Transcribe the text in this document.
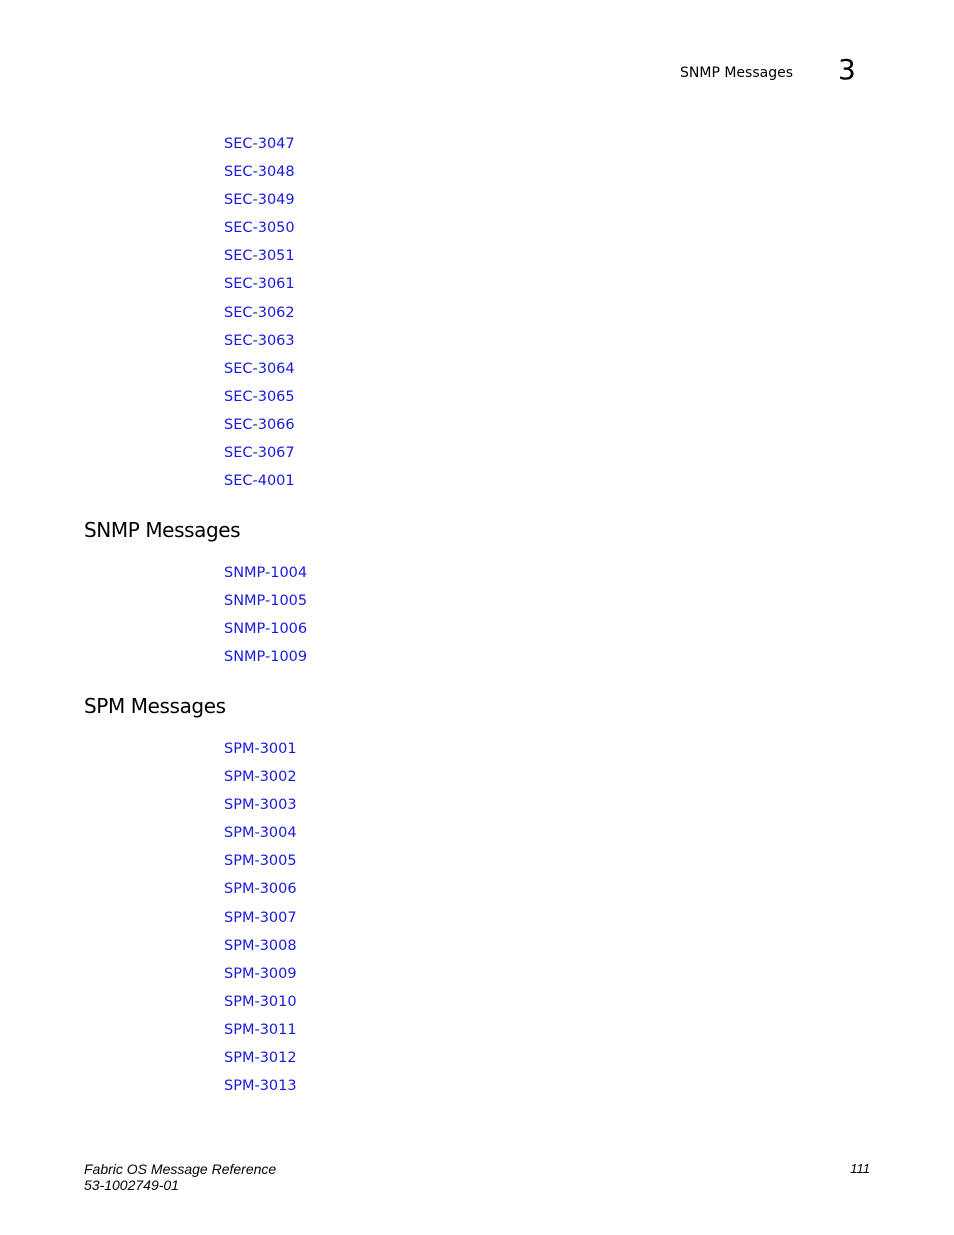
SNMP Messages 3
SEC-3047
SEC-3048
SEC-3049
SEC-3050
SEC-3051
SEC-3061
SEC-3062
SEC-3063
SEC-3064
SEC-3065
SEC-3066
SEC-3067
SEC-4001
SNMP Messages
SNMP-1004
SNMP-1005
SNMP-1006
SNMP-1009
SPM Messages
SPM-3001
SPM-3002
SPM-3003
SPM-3004
SPM-3005
SPM-3006
SPM-3007
SPM-3008
SPM-3009
SPM-3010
SPM-3011
SPM-3012
SPM-3013
Fabric OS Message Reference
53-1002749-01
111
